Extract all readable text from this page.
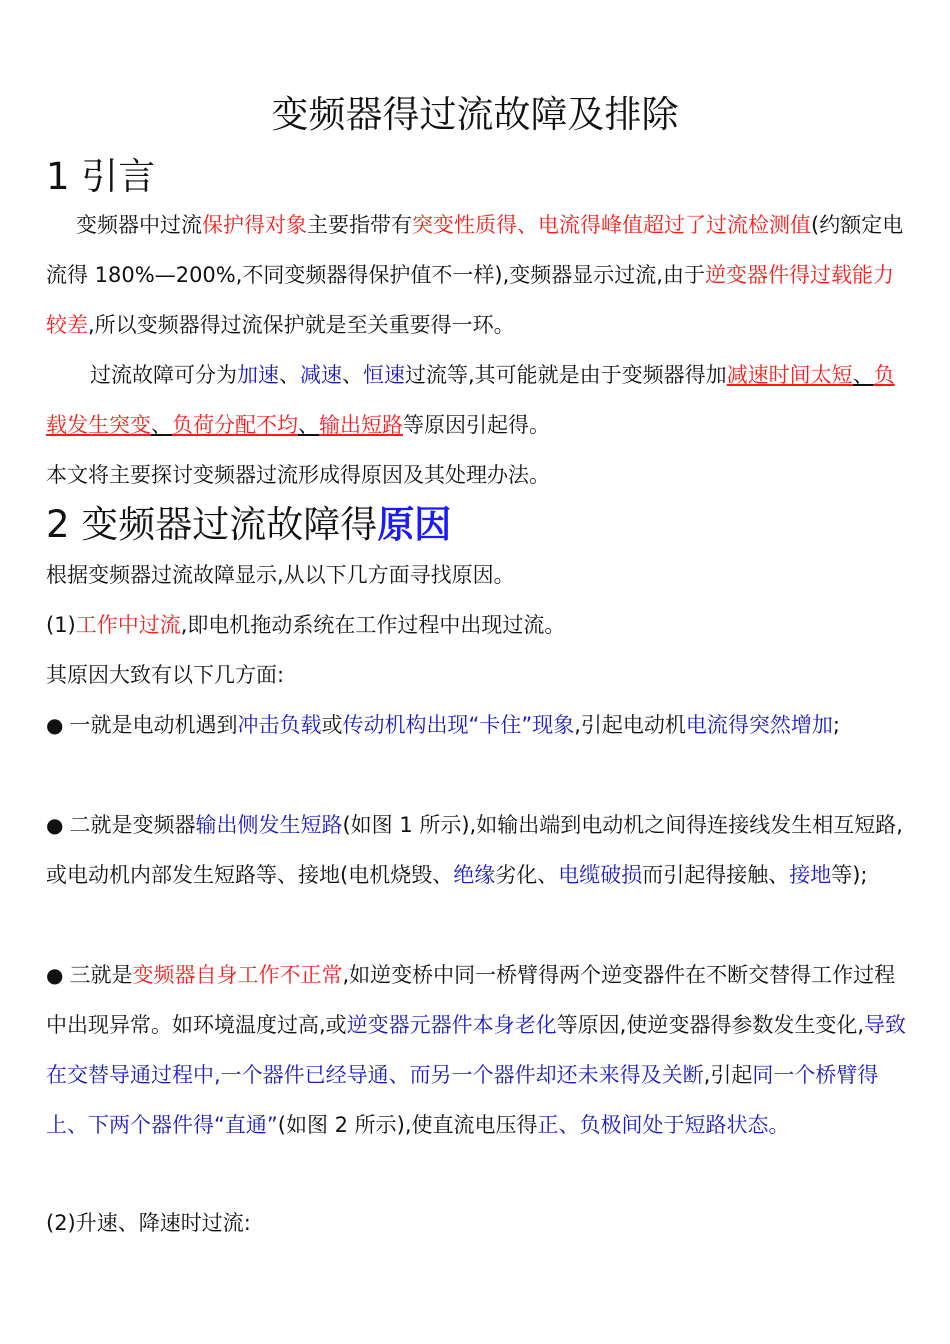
变频器得过流故障及排除
1 引言
变频器中过流保护得对象主要指带有突变性质得、电流得峰值超过了过流检测值(约额定电流得 180%—200%,不同变频器得保护值不一样),变频器显示过流,由于逆变器件得过载能力较差,所以变频器得过流保护就是至关重要得一环。
过流故障可分为加速、减速、恒速过流等,其可能就是由于变频器得加减速时间太短、负载发生突变、负荷分配不均、输出短路等原因引起得。
本文将主要探讨变频器过流形成得原因及其处理办法。
2 变频器过流故障得原因
根据变频器过流故障显示,从以下几方面寻找原因。
(1)工作中过流,即电机拖动系统在工作过程中出现过流。
其原因大致有以下几方面:
● 一就是电动机遇到冲击负载或传动机构出现“卡住”现象,引起电动机电流得突然增加;
● 二就是变频器输出侧发生短路(如图 1 所示),如输出端到电动机之间得连接线发生相互短路,或电动机内部发生短路等、接地(电机烧毁、绝缘劣化、电缆破损而引起得接触、接地等);
● 三就是变频器自身工作不正常,如逆变桥中同一桥臂得两个逆变器件在不断交替得工作过程中出现异常。如环境温度过高,或逆变器元器件本身老化等原因,使逆变器得参数发生变化,导致在交替导通过程中,一个器件已经导通、而另一个器件却还未来得及关断,引起同一个桥臂得上、下两个器件得“直通”(如图 2 所示),使直流电压得正、负极间处于短路状态。
(2)升速、降速时过流:
